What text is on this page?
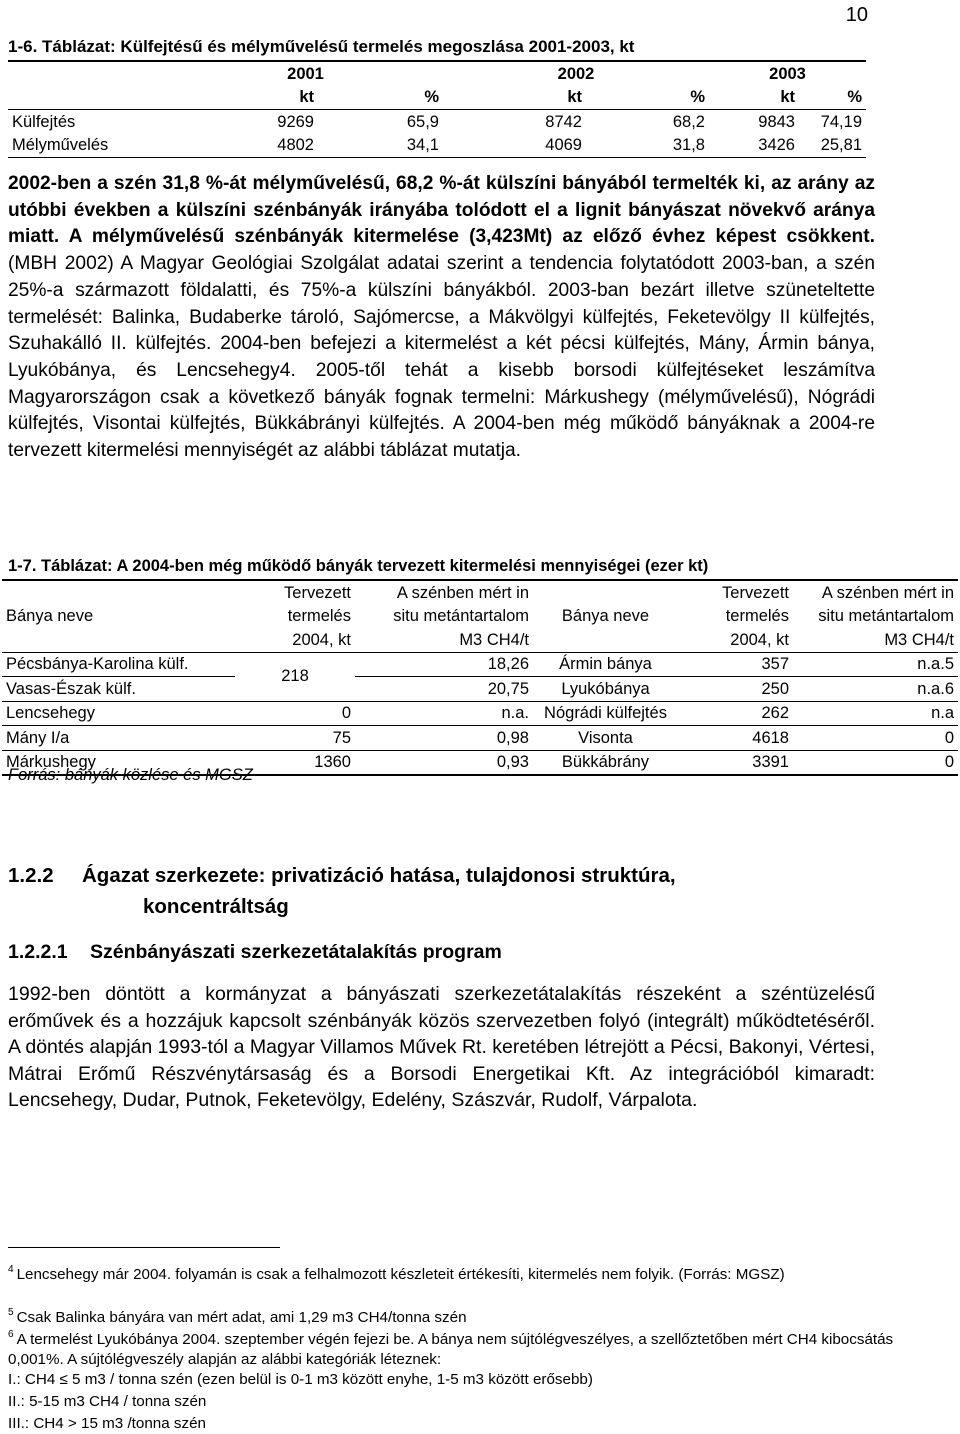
10
1-6. Táblázat: Külfejtésű és mélyművelésű termelés megoszlása 2001-2003, kt
	2001		2002		2003	
	kt	%	kt	%	kt	%
Külfejtés	9269	65,9	8742	68,2	9843	74,19
Mélyművelés	4802	34,1	4069	31,8	3426	25,81

2002-ben a szén 31,8 %-át mélyművelésű, 68,2 %-át külszíni bányából termelték ki, az arány az utóbbi években a külszíni szénbányák irányába tolódott el a lignit bányászat növekvő aránya miatt. A mélyművelésű szénbányák kitermelése (3,423Mt) az előző évhez képest csökkent. (MBH 2002) A Magyar Geológiai Szolgálat adatai szerint a tendencia folytatódott 2003-ban, a szén 25%-a származott földalatti, és 75%-a külszíni bányákból. 2003-ban bezárt illetve szüneteltette termelését: Balinka, Budaberke tároló, Sajómercse, a Mákvölgyi külfejtés, Feketevölgy II külfejtés, Szuhakálló II. külfejtés. 2004-ben befejezi a kitermelést a két pécsi külfejtés, Mány, Ármin bánya, Lyukóbánya, és Lencsehegy4. 2005-től tehát a kisebb borsodi külfejtéseket leszámítva Magyarországon csak a következő bányák fognak termelni: Márkushegy (mélyművelésű), Nógrádi külfejtés, Visontai külfejtés, Bükkábrányi külfejtés. A 2004-ben még működő bányáknak a 2004-re tervezett kitermelési mennyiségét az alábbi táblázat mutatja.

1-7. Táblázat: A 2004-ben még működő bányák tervezett kitermelési mennyiségei (ezer kt)
Bánya neve	Tervezett	A szénben mért in	Bánya neve	Tervezett	A szénben mért in
	termelés	situ metántartalom		termelés	situ metántartalom
	2004, kt	M3 CH4/t		2004, kt	M3 CH4/t
Pécsbánya-Karolina külf.	218	18,26	Ármin bánya	357	n.a.5
Vasas-Észak külf.		20,75	Lyukóbánya	250	n.a.6
Lencsehegy	0	n.a.	Nógrádi külfejtés	262	n.a
Mány I/a	75	0,98	Visonta	4618	0
Márkushegy	1360	0,93	Bükkábrány	3391	0
Forrás: bányák közlése és MGSZ
1.2.2 Ágazat szerkezete: privatizáció hatása, tulajdonosi struktúra,
koncentráltság
1.2.2.1 Szénbányászati szerkezetátalakítás program

1992-ben döntött a kormányzat a bányászati szerkezetátalakítás részeként a széntüzelésű erőművek és a hozzájuk kapcsolt szénbányák közös szervezetben folyó (integrált) működtetéséről. A döntés alapján 1993-tól a Magyar Villamos Művek Rt. keretében létrejött a Pécsi, Bakonyi, Vértesi, Mátrai Erőmű Részvénytársaság és a Borsodi Energetikai Kft. Az integrációból kimaradt: Lencsehegy, Dudar, Putnok, Feketevölgy, Edelény, Szászvár, Rudolf, Várpalota.

$^4$ Lencsehegy már 2004. folyamán is csak a felhalmozott készleteit értékesíti, kitermelés nem folyik. (Forrás: MGSZ)

$^5$ Csak Balinka bányára van mért adat, ami 1,29 m3 CH4/tonna szén

$^6$ A termelést Lyukóbánya 2004. szeptember végén fejezi be. A bánya nem sújtólégveszélyes, a szellőztetőben mért CH4 kibocsátás 0,001%. A sújtólégveszély alapján az alábbi kategóriák léteznek:

I.: CH4 ≤ 5 m3 / tonna szén (ezen belül is 0-1 m3 között enyhe, 1-5 m3 között erősebb)
II.: 5-15 m3 CH4 / tonna szén
III.: CH4 > 15 m3 /tonna szén
